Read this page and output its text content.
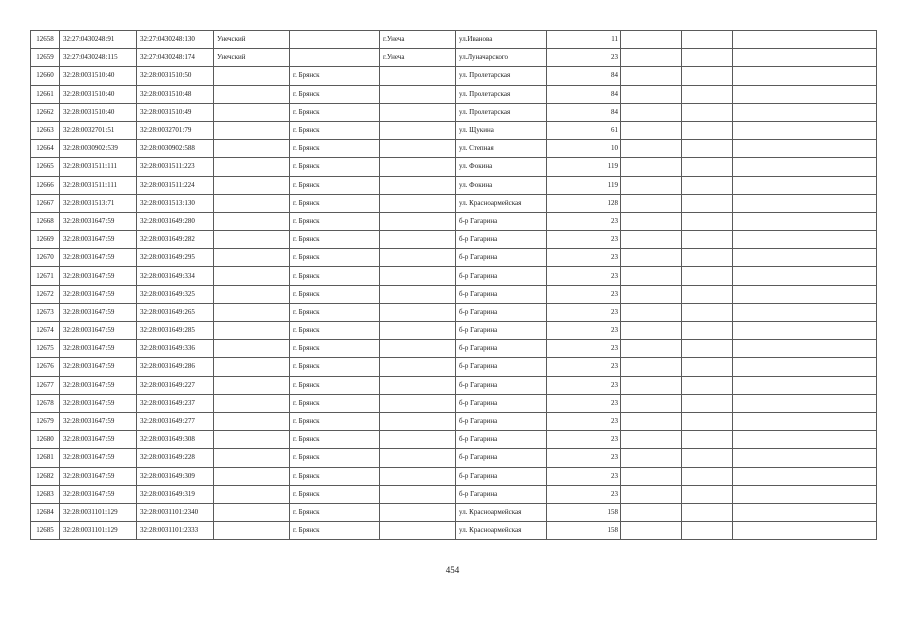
12658	32:27:0430248:91	32:27:0430248:130	Унечский		г.Унеча	ул.Иванова	11			
12659	32:27:0430248:115	32:27:0430248:174	Унечский		г.Унеча	ул.Луначарского	23			
12660	32:28:0031510:40	32:28:0031510:50		г. Брянск		ул. Пролетарская	84			
12661	32:28:0031510:40	32:28:0031510:48		г. Брянск		ул. Пролетарская	84			
12662	32:28:0031510:40	32:28:0031510:49		г. Брянск		ул. Пролетарская	84			
12663	32:28:0032701:51	32:28:0032701:79		г. Брянск		ул. Щукина	61			
12664	32:28:0030902:539	32:28:0030902:588		г. Брянск		ул. Степная	10			
12665	32:28:0031511:111	32:28:0031511:223		г. Брянск		ул. Фокина	119			
12666	32:28:0031511:111	32:28:0031511:224		г. Брянск		ул. Фокина	119			
12667	32:28:0031513:71	32:28:0031513:130		г. Брянск		ул. Красноармейская	128			
12668	32:28:0031647:59	32:28:0031649:280		г. Брянск		б-р Гагарина	23			
12669	32:28:0031647:59	32:28:0031649:282		г. Брянск		б-р Гагарина	23			
12670	32:28:0031647:59	32:28:0031649:295		г. Брянск		б-р Гагарина	23			
12671	32:28:0031647:59	32:28:0031649:334		г. Брянск		б-р Гагарина	23			
12672	32:28:0031647:59	32:28:0031649:325		г. Брянск		б-р Гагарина	23			
12673	32:28:0031647:59	32:28:0031649:265		г. Брянск		б-р Гагарина	23			
12674	32:28:0031647:59	32:28:0031649:285		г. Брянск		б-р Гагарина	23			
12675	32:28:0031647:59	32:28:0031649:336		г. Брянск		б-р Гагарина	23			
12676	32:28:0031647:59	32:28:0031649:286		г. Брянск		б-р Гагарина	23			
12677	32:28:0031647:59	32:28:0031649:227		г. Брянск		б-р Гагарина	23			
12678	32:28:0031647:59	32:28:0031649:237		г. Брянск		б-р Гагарина	23			
12679	32:28:0031647:59	32:28:0031649:277		г. Брянск		б-р Гагарина	23			
12680	32:28:0031647:59	32:28:0031649:308		г. Брянск		б-р Гагарина	23			
12681	32:28:0031647:59	32:28:0031649:228		г. Брянск		б-р Гагарина	23			
12682	32:28:0031647:59	32:28:0031649:309		г. Брянск		б-р Гагарина	23			
12683	32:28:0031647:59	32:28:0031649:319		г. Брянск		б-р Гагарина	23			
12684	32:28:0031101:129	32:28:0031101:2340		г. Брянск		ул. Красноармейская	158			
12685	32:28:0031101:129	32:28:0031101:2333		г. Брянск		ул. Красноармейская	158			
454
